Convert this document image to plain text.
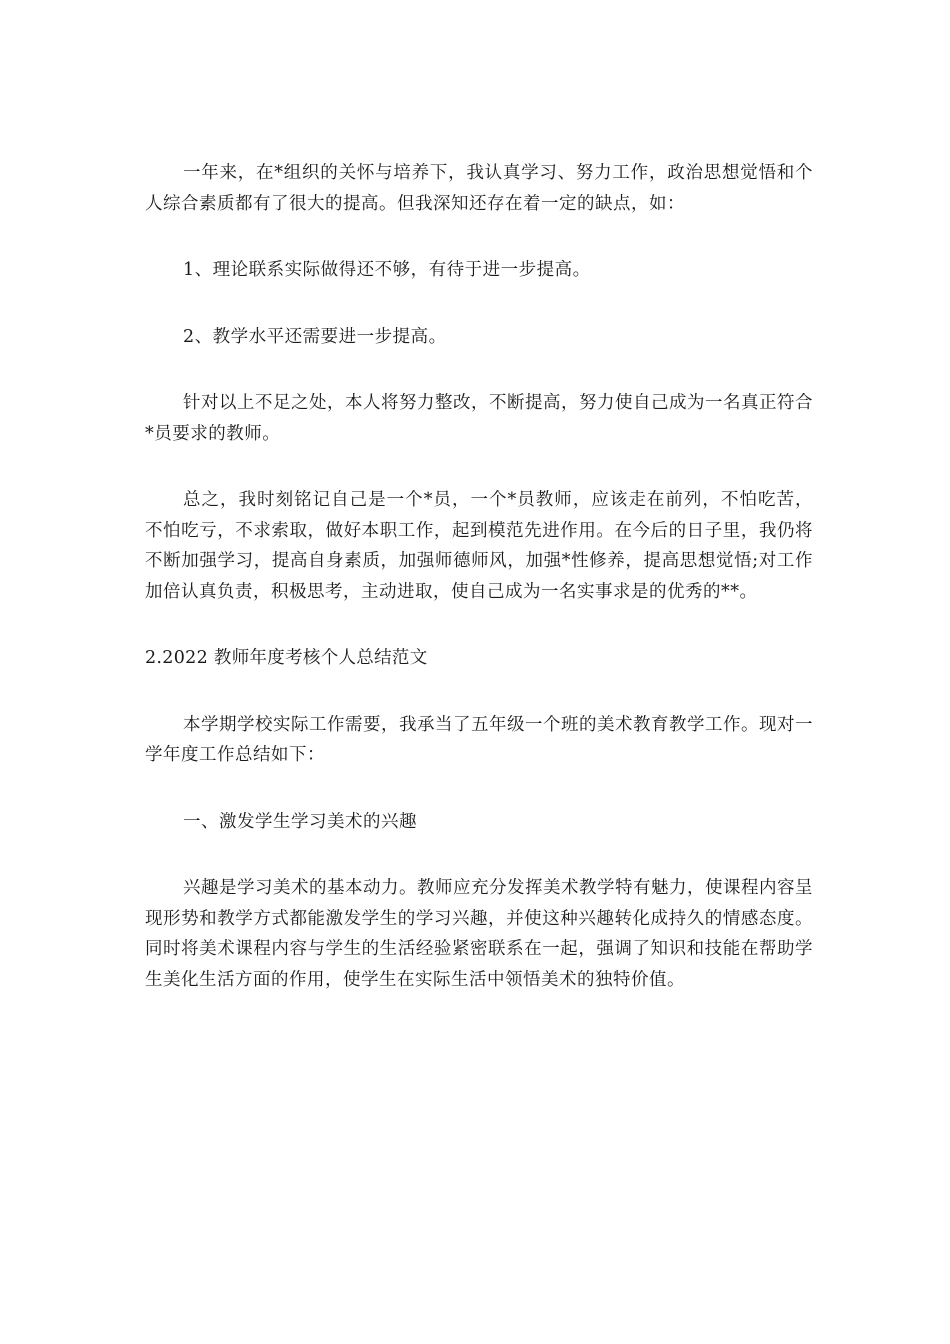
一年来，在*组织的关怀与培养下，我认真学习、努力工作，政治思想觉悟和个人综合素质都有了很大的提高。但我深知还存在着一定的缺点，如：

1、理论联系实际做得还不够，有待于进一步提高。

2、教学水平还需要进一步提高。

针对以上不足之处，本人将努力整改，不断提高，努力使自己成为一名真正符合*员要求的教师。

总之，我时刻铭记自己是一个*员，一个*员教师，应该走在前列，不怕吃苦，不怕吃亏，不求索取，做好本职工作，起到模范先进作用。在今后的日子里，我仍将不断加强学习，提高自身素质，加强师德师风，加强*性修养，提高思想觉悟;对工作加倍认真负责，积极思考，主动进取，使自己成为一名实事求是的优秀的**。

2.2022 教师年度考核个人总结范文

本学期学校实际工作需要，我承当了五年级一个班的美术教育教学工作。现对一学年度工作总结如下：

一、激发学生学习美术的兴趣

兴趣是学习美术的基本动力。教师应充分发挥美术教学特有魅力，使课程内容呈现形势和教学方式都能激发学生的学习兴趣，并使这种兴趣转化成持久的情感态度。同时将美术课程内容与学生的生活经验紧密联系在一起，强调了知识和技能在帮助学生美化生活方面的作用，使学生在实际生活中领悟美术的独特价值。
